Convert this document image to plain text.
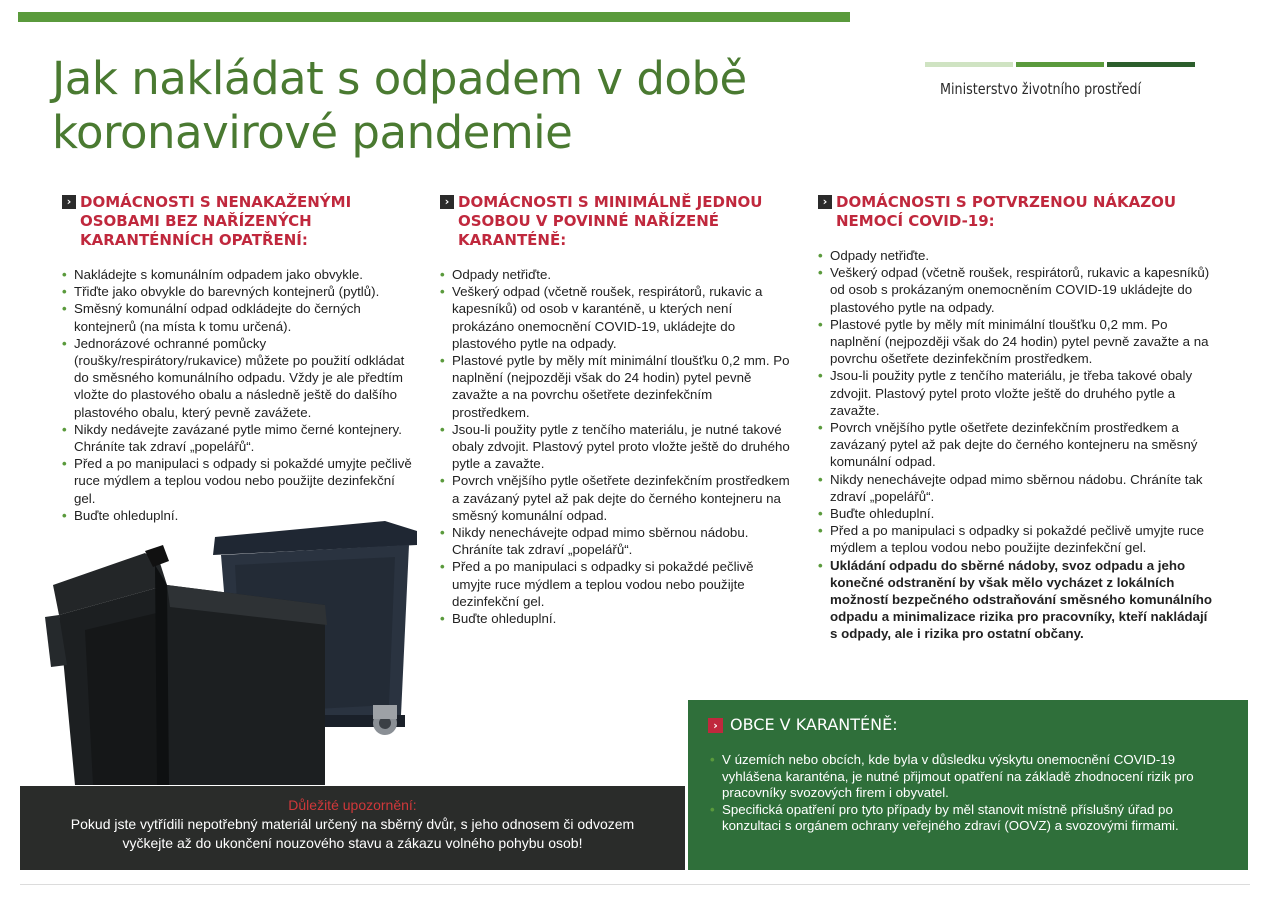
Jak nakládat s odpadem v době koronavirové pandemie
Ministerstvo životního prostředí
› DOMÁCNOSTI S NENAKAŽENÝMI OSOBAMI BEZ NAŘÍZENÝCH KARANTÉNNÍCH OPATŘENÍ:
• Nakládejte s komunálním odpadem jako obvykle.
• Třiďte jako obvykle do barevných kontejnerů (pytlů).
• Směsný komunální odpad odkládejte do černých kontejnerů (na místa k tomu určená).
• Jednorázové ochranné pomůcky (roušky/respirátory/rukavice) můžete po použití odkládat do směsného komunálního odpadu. Vždy je ale předtím vložte do plastového obalu a následně ještě do dalšího plastového obalu, který pevně zavážete.
• Nikdy nedávejte zavázané pytle mimo černé kontejnery. Chráníte tak zdraví „popelářů“.
• Před a po manipulaci s odpady si pokaždé umyjte pečlivě ruce mýdlem a teplou vodou nebo použijte dezinfekční gel.
• Buďte ohleduplní.
› DOMÁCNOSTI S MINIMÁLNĚ JEDNOU OSOBOU V POVINNÉ NAŘÍZENÉ KARANTÉNĚ:
• Odpady netřiďte.
• Veškerý odpad (včetně roušek, respirátorů, rukavic a kapesníků) od osob v karanténě, u kterých není prokázáno onemocnění COVID-19, ukládejte do plastového pytle na odpady.
• Plastové pytle by měly mít minimální tloušťku 0,2 mm. Po naplnění (nejpozději však do 24 hodin) pytel pevně zavažte a na povrchu ošetřete dezinfekčním prostředkem.
• Jsou-li použity pytle z tenčího materiálu, je nutné takové obaly zdvojit. Plastový pytel proto vložte ještě do druhého pytle a zavažte.
• Povrch vnějšího pytle ošetřete dezinfekčním prostředkem a zavázaný pytel až pak dejte do černého kontejneru na směsný komunální odpad.
• Nikdy nenechávejte odpad mimo sběrnou nádobu. Chráníte tak zdraví „popelářů“.
• Před a po manipulaci s odpadky si pokaždé pečlivě umyjte ruce mýdlem a teplou vodou nebo použijte dezinfekční gel.
• Buďte ohleduplní.
› DOMÁCNOSTI S POTVRZENOU NÁKAZOU NEMOCÍ COVID-19:
• Odpady netřiďte.
• Veškerý odpad (včetně roušek, respirátorů, rukavic a kapesníků) od osob s prokázaným onemocněním COVID-19 ukládejte do plastového pytle na odpady.
• Plastové pytle by měly mít minimální tloušťku 0,2 mm. Po naplnění (nejpozději však do 24 hodin) pytel pevně zavažte a na povrchu ošetřete dezinfekčním prostředkem.
• Jsou-li použity pytle z tenčího materiálu, je třeba takové obaly zdvojit. Plastový pytel proto vložte ještě do druhého pytle a zavažte.
• Povrch vnějšího pytle ošetřete dezinfekčním prostředkem a zavázaný pytel až pak dejte do černého kontejneru na směsný komunální odpad.
• Nikdy nenechávejte odpad mimo sběrnou nádobu. Chráníte tak zdraví „popelářů“.
• Buďte ohleduplní.
• Před a po manipulaci s odpadky si pokaždé pečlivě umyjte ruce mýdlem a teplou vodou nebo použijte dezinfekční gel.
• Ukládání odpadu do sběrné nádoby, svoz odpadu a jeho konečné odstranění by však mělo vycházet z lokálních možností bezpečného odstraňování směsného komunálního odpadu a minimalizace rizika pro pracovníky, kteří nakládají s odpady, ale i rizika pro ostatní občany.
Důležité upozornění:
Pokud jste vytřídili nepotřebný materiál určený na sběrný dvůr, s jeho odnosem či odvozem vyčkejte až do ukončení nouzového stavu a zákazu volného pohybu osob!
› OBCE V KARANTÉNĚ:
• V územích nebo obcích, kde byla v důsledku výskytu onemocnění COVID-19 vyhlášena karanténa, je nutné přijmout opatření na základě zhodnocení rizik pro pracovníky svozových firem i obyvatel.
• Specifická opatření pro tyto případy by měl stanovit místně příslušný úřad po konzultaci s orgánem ochrany veřejného zdraví (OOVZ) a svozovými firmami.
